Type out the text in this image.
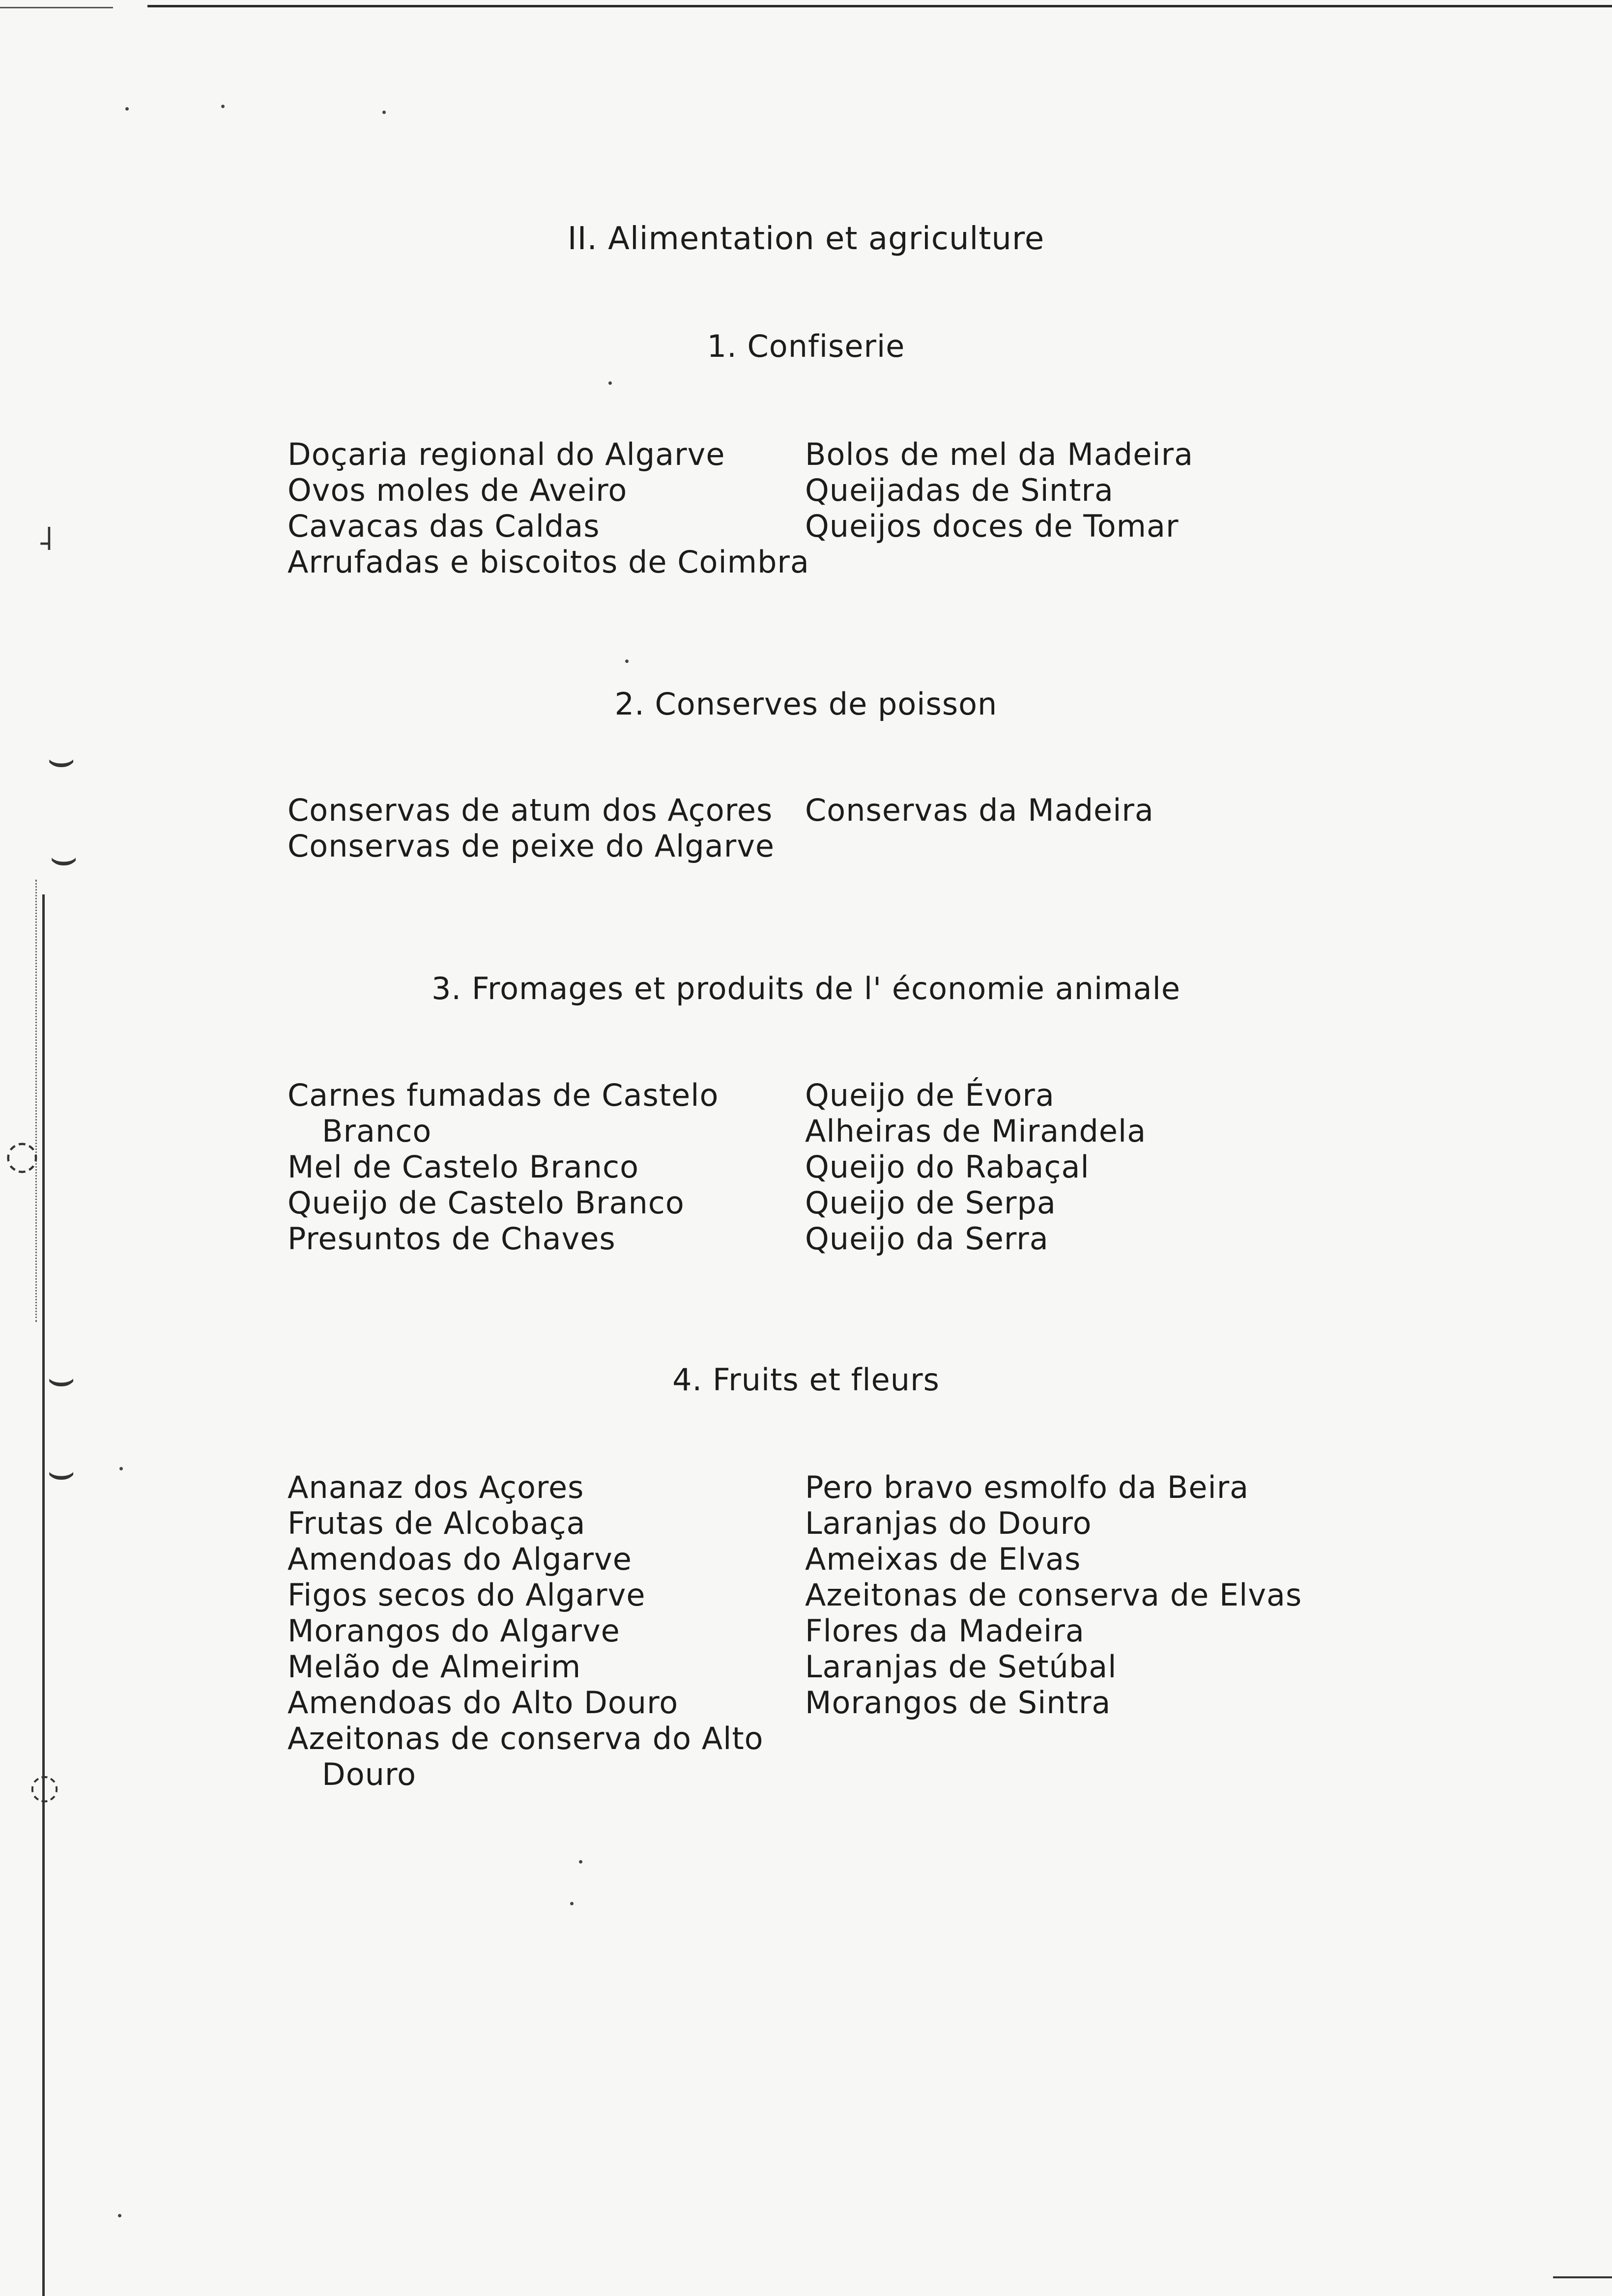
⌣
⌣
⌣
⌣
◌
◌
˨
II. Alimentation et agriculture
1. Confiserie
Doçaria regional do Algarve
Ovos moles de Aveiro
Cavacas das Caldas
Arrufadas e biscoitos de Coimbra
Bolos de mel da Madeira
Queijadas de Sintra
Queijos doces de Tomar
2. Conserves de poisson
Conservas de atum dos Açores
Conservas de peixe do Algarve
Conservas da Madeira
3. Fromages et produits de l' économie animale
Carnes fumadas de Castelo
Branco
Mel de Castelo Branco
Queijo de Castelo Branco
Presuntos de Chaves
Queijo de Évora
Alheiras de Mirandela
Queijo do Rabaçal
Queijo de Serpa
Queijo da Serra
4. Fruits et fleurs
Ananaz dos Açores
Frutas de Alcobaça
Amendoas do Algarve
Figos secos do Algarve
Morangos do Algarve
Melão de Almeirim
Amendoas do Alto Douro
Azeitonas de conserva do Alto
Douro
Pero bravo esmolfo da Beira
Laranjas do Douro
Ameixas de Elvas
Azeitonas de conserva de Elvas
Flores da Madeira
Laranjas de Setúbal
Morangos de Sintra
